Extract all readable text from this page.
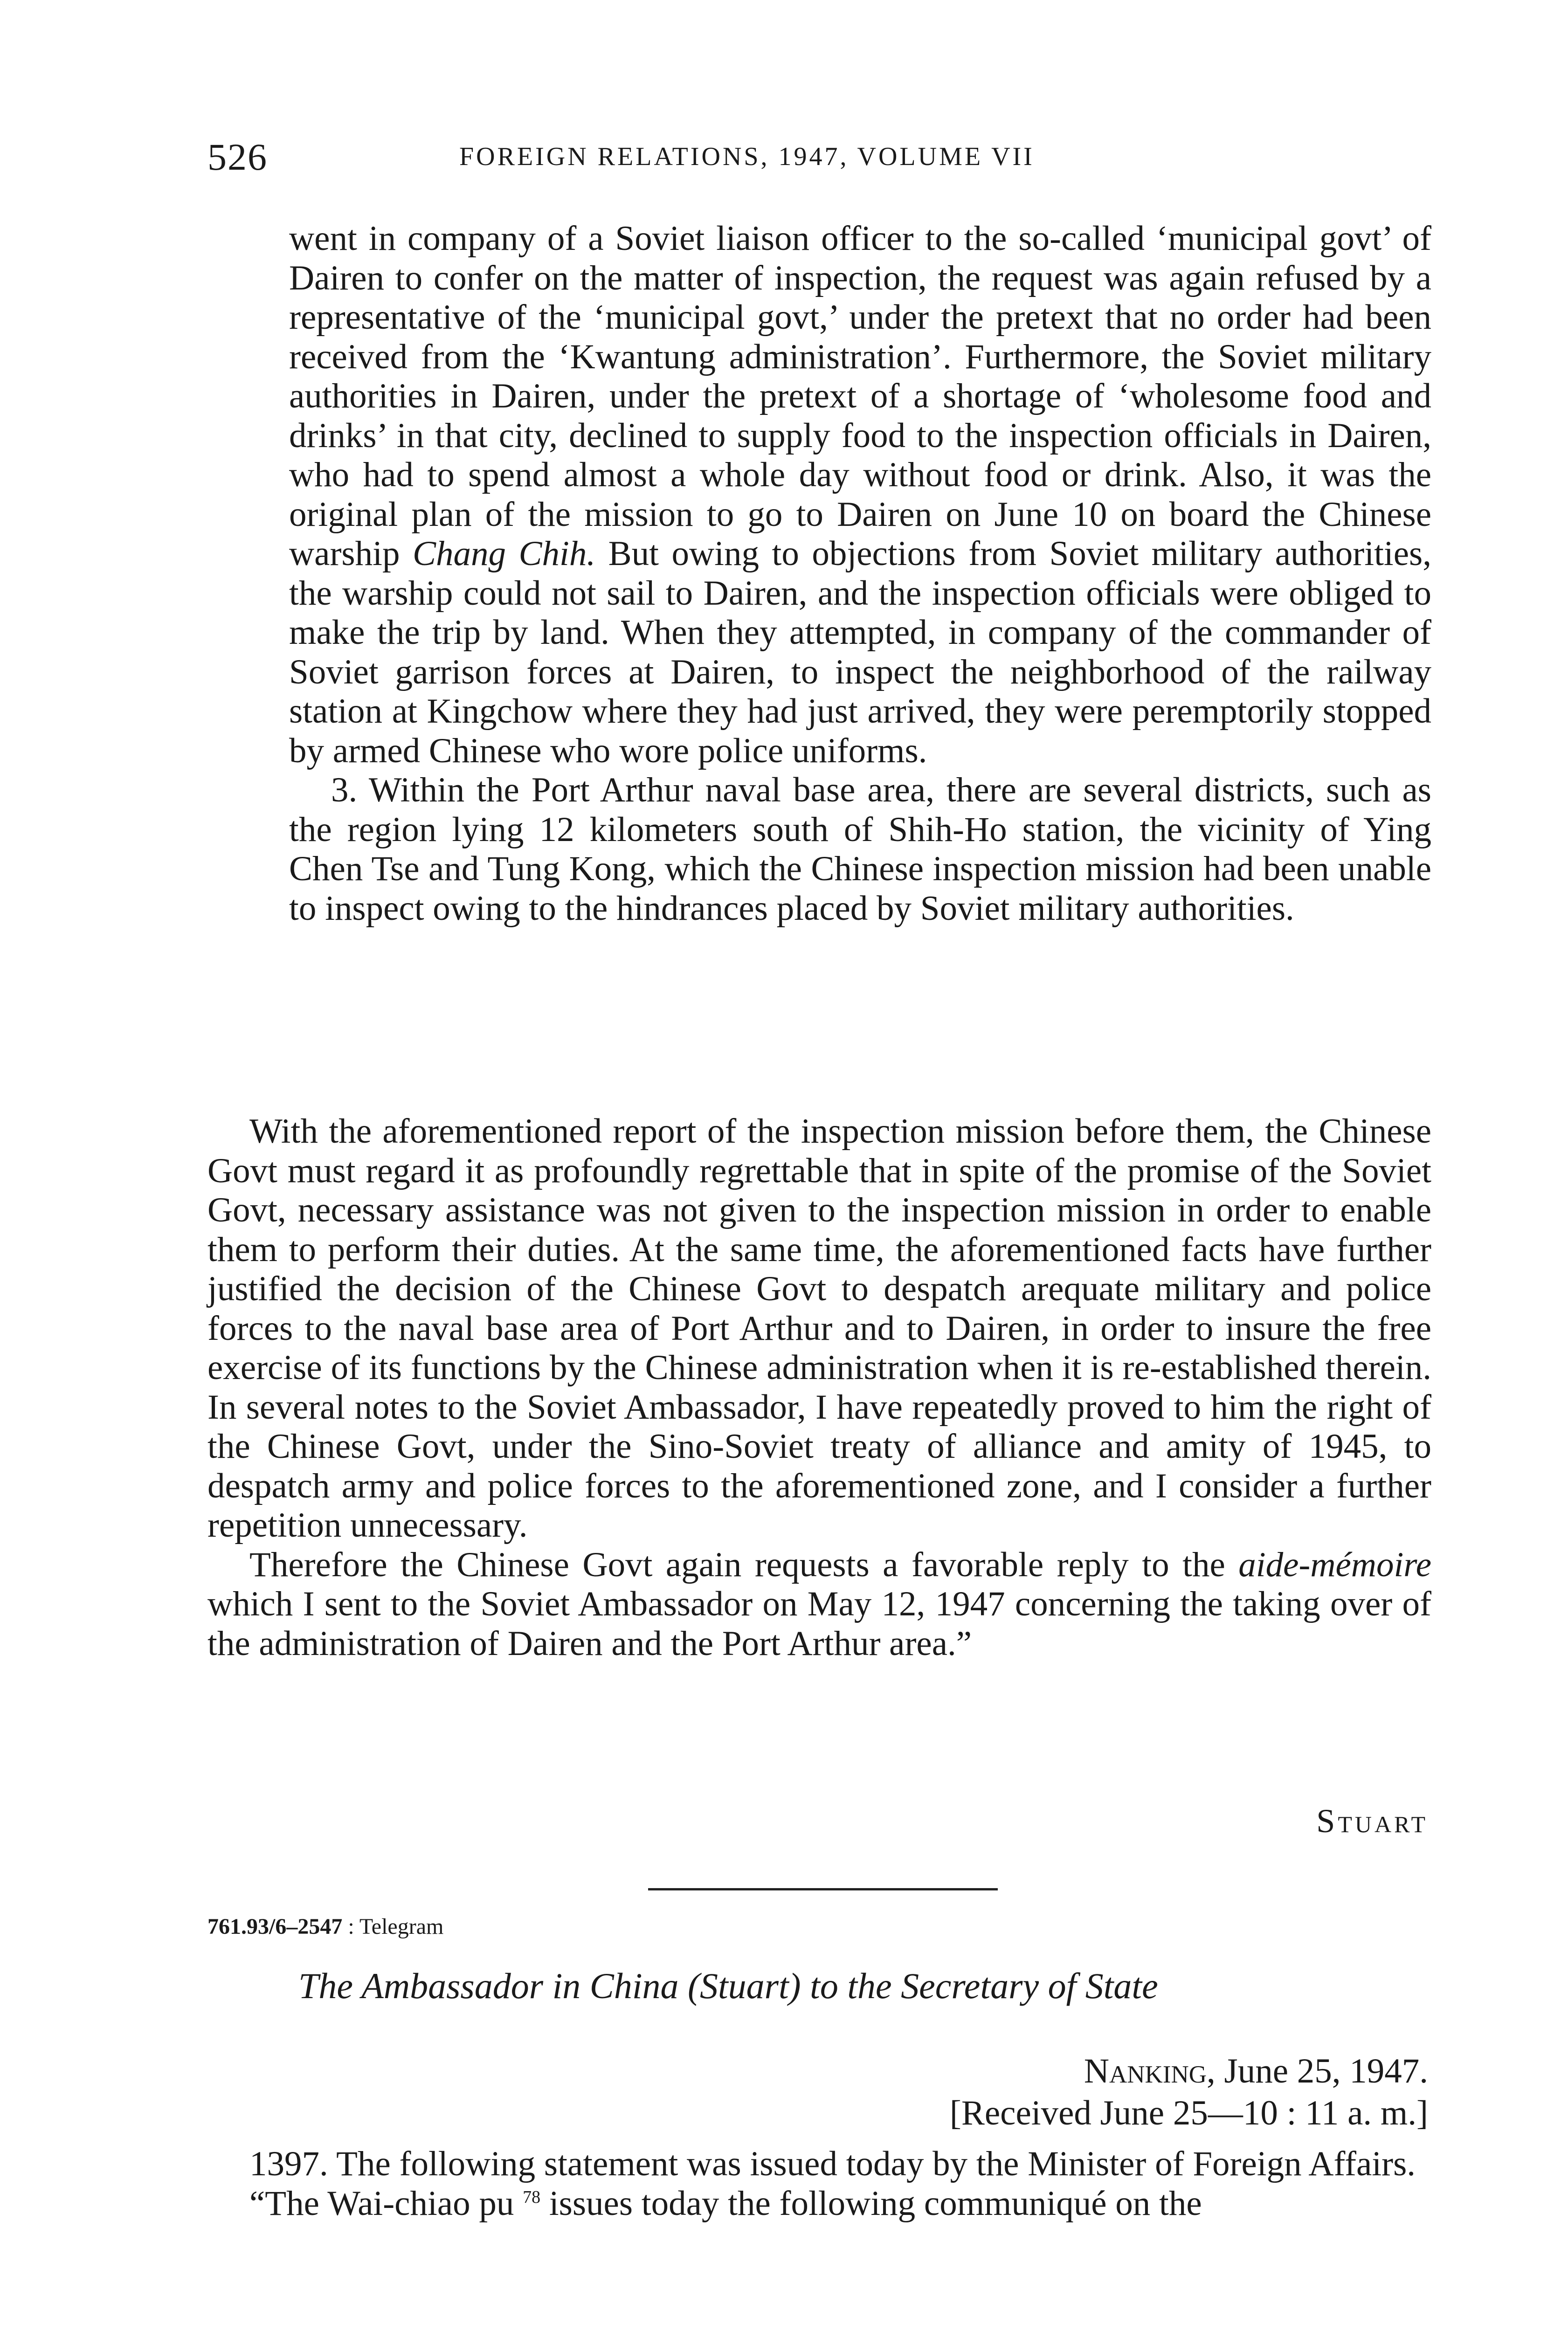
526	FOREIGN RELATIONS, 1947, VOLUME VII

went in company of a Soviet liaison officer to the so-called ‘municipal govt’ of Dairen to confer on the matter of inspection, the request was again refused by a representative of the ‘municipal govt,’ under the pretext that no order had been received from the ‘Kwantung administration’. Furthermore, the Soviet military authorities in Dairen, under the pretext of a shortage of ‘wholesome food and drinks’ in that city, declined to supply food to the inspection officials in Dairen, who had to spend almost a whole day without food or drink. Also, it was the original plan of the mission to go to Dairen on June 10 on board the Chinese warship Chang Chih. But owing to objections from Soviet military authorities, the warship could not sail to Dairen, and the inspection officials were obliged to make the trip by land. When they attempted, in company of the commander of Soviet garrison forces at Dairen, to inspect the neighborhood of the railway station at Kingchow where they had just arrived, they were peremptorily stopped by armed Chinese who wore police uniforms.

3. Within the Port Arthur naval base area, there are several districts, such as the region lying 12 kilometers south of Shih-Ho station, the vicinity of Ying Chen Tse and Tung Kong, which the Chinese inspection mission had been unable to inspect owing to the hindrances placed by Soviet military authorities.

With the aforementioned report of the inspection mission before them, the Chinese Govt must regard it as profoundly regrettable that in spite of the promise of the Soviet Govt, necessary assistance was not given to the inspection mission in order to enable them to perform their duties. At the same time, the aforementioned facts have further justified the decision of the Chinese Govt to despatch arequate military and police forces to the naval base area of Port Arthur and to Dairen, in order to insure the free exercise of its functions by the Chinese administration when it is re-established therein. In several notes to the Soviet Ambassador, I have repeatedly proved to him the right of the Chinese Govt, under the Sino-Soviet treaty of alliance and amity of 1945, to despatch army and police forces to the aforementioned zone, and I consider a further repetition unnecessary.

Therefore the Chinese Govt again requests a favorable reply to the aide-mémoire which I sent to the Soviet Ambassador on May 12, 1947 concerning the taking over of the administration of Dairen and the Port Arthur area.”

Stuart
761.93/6–2547 : Telegram
The Ambassador in China (Stuart) to the Secretary of State
Nanking, June 25, 1947.
[Received June 25—10 : 11 a. m.]

1397. The following statement was issued today by the Minister of Foreign Affairs.

“The Wai-chiao pu $^{78}$ issues today the following communiqué on the
